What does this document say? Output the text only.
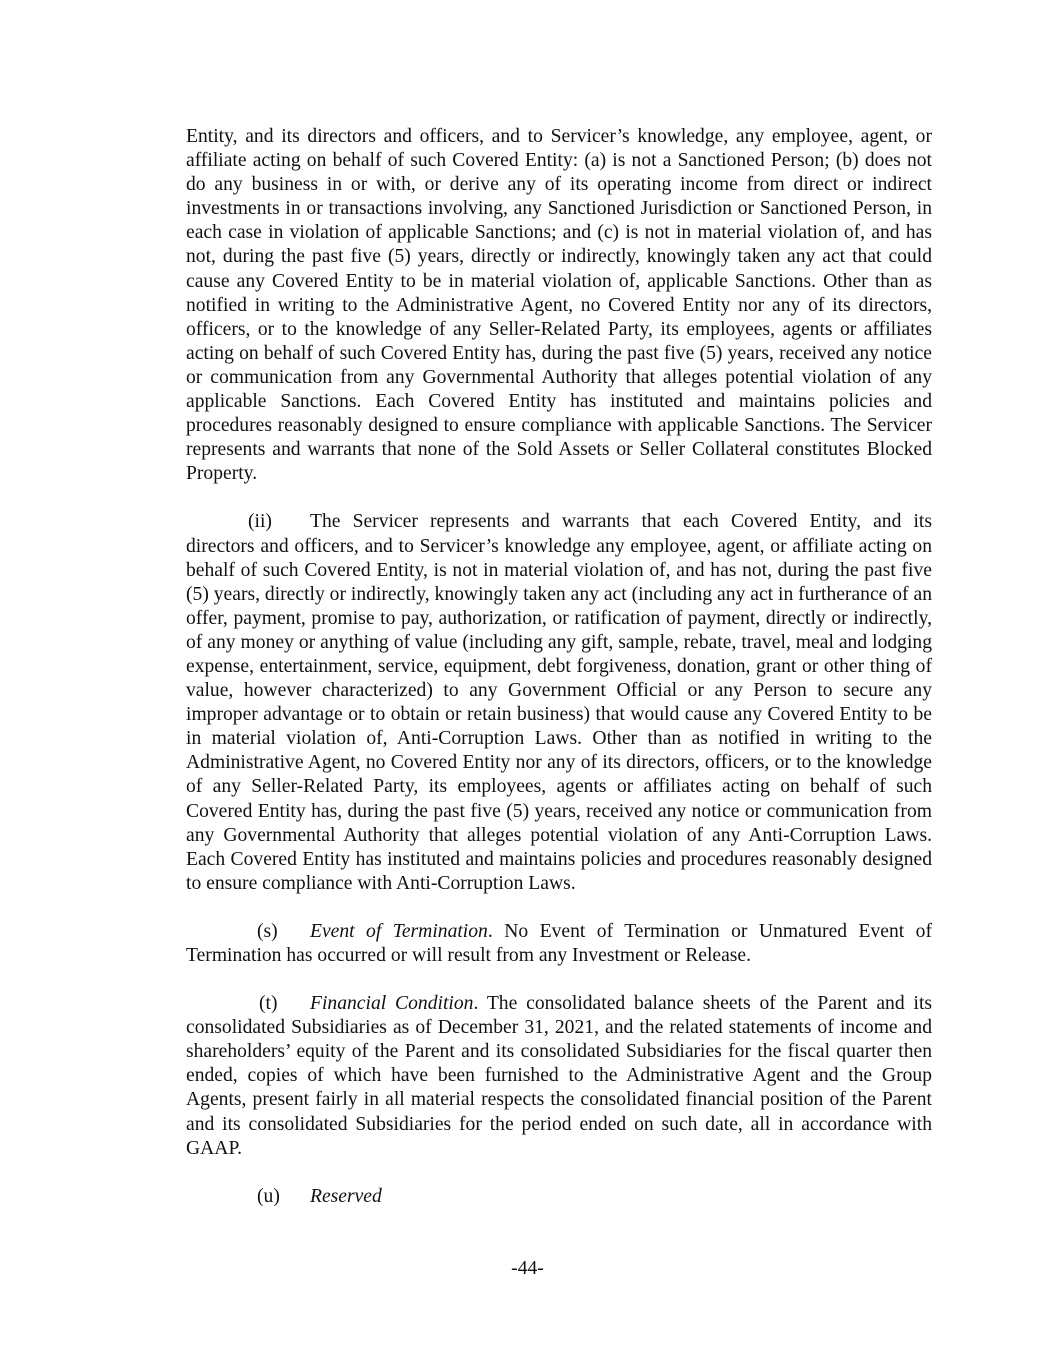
Entity, and its directors and officers, and to Servicer’s knowledge, any employee, agent, or affiliate acting on behalf of such Covered Entity: (a) is not a Sanctioned Person; (b) does not do any business in or with, or derive any of its operating income from direct or indirect investments in or transactions involving, any Sanctioned Jurisdiction or Sanctioned Person, in each case in violation of applicable Sanctions; and (c) is not in material violation of, and has not, during the past five (5) years, directly or indirectly, knowingly taken any act that could cause any Covered Entity to be in material violation of, applicable Sanctions. Other than as notified in writing to the Administrative Agent, no Covered Entity nor any of its directors, officers, or to the knowledge of any Seller-Related Party, its employees, agents or affiliates acting on behalf of such Covered Entity has, during the past five (5) years, received any notice or communication from any Governmental Authority that alleges potential violation of any applicable Sanctions. Each Covered Entity has instituted and maintains policies and procedures reasonably designed to ensure compliance with applicable Sanctions. The Servicer represents and warrants that none of the Sold Assets or Seller Collateral constitutes Blocked Property.

(ii) The Servicer represents and warrants that each Covered Entity, and its directors and officers, and to Servicer’s knowledge any employee, agent, or affiliate acting on behalf of such Covered Entity, is not in material violation of, and has not, during the past five (5) years, directly or indirectly, knowingly taken any act (including any act in furtherance of an offer, payment, promise to pay, authorization, or ratification of payment, directly or indirectly, of any money or anything of value (including any gift, sample, rebate, travel, meal and lodging expense, entertainment, service, equipment, debt forgiveness, donation, grant or other thing of value, however characterized) to any Government Official or any Person to secure any improper advantage or to obtain or retain business) that would cause any Covered Entity to be in material violation of, Anti-Corruption Laws. Other than as notified in writing to the Administrative Agent, no Covered Entity nor any of its directors, officers, or to the knowledge of any Seller-Related Party, its employees, agents or affiliates acting on behalf of such Covered Entity has, during the past five (5) years, received any notice or communication from any Governmental Authority that alleges potential violation of any Anti-Corruption Laws. Each Covered Entity has instituted and maintains policies and procedures reasonably designed to ensure compliance with Anti-Corruption Laws.

(s) Event of Termination. No Event of Termination or Unmatured Event of Termination has occurred or will result from any Investment or Release.

(t) Financial Condition. The consolidated balance sheets of the Parent and its consolidated Subsidiaries as of December 31, 2021, and the related statements of income and shareholders’ equity of the Parent and its consolidated Subsidiaries for the fiscal quarter then ended, copies of which have been furnished to the Administrative Agent and the Group Agents, present fairly in all material respects the consolidated financial position of the Parent and its consolidated Subsidiaries for the period ended on such date, all in accordance with GAAP.

(u) Reserved

-44-
